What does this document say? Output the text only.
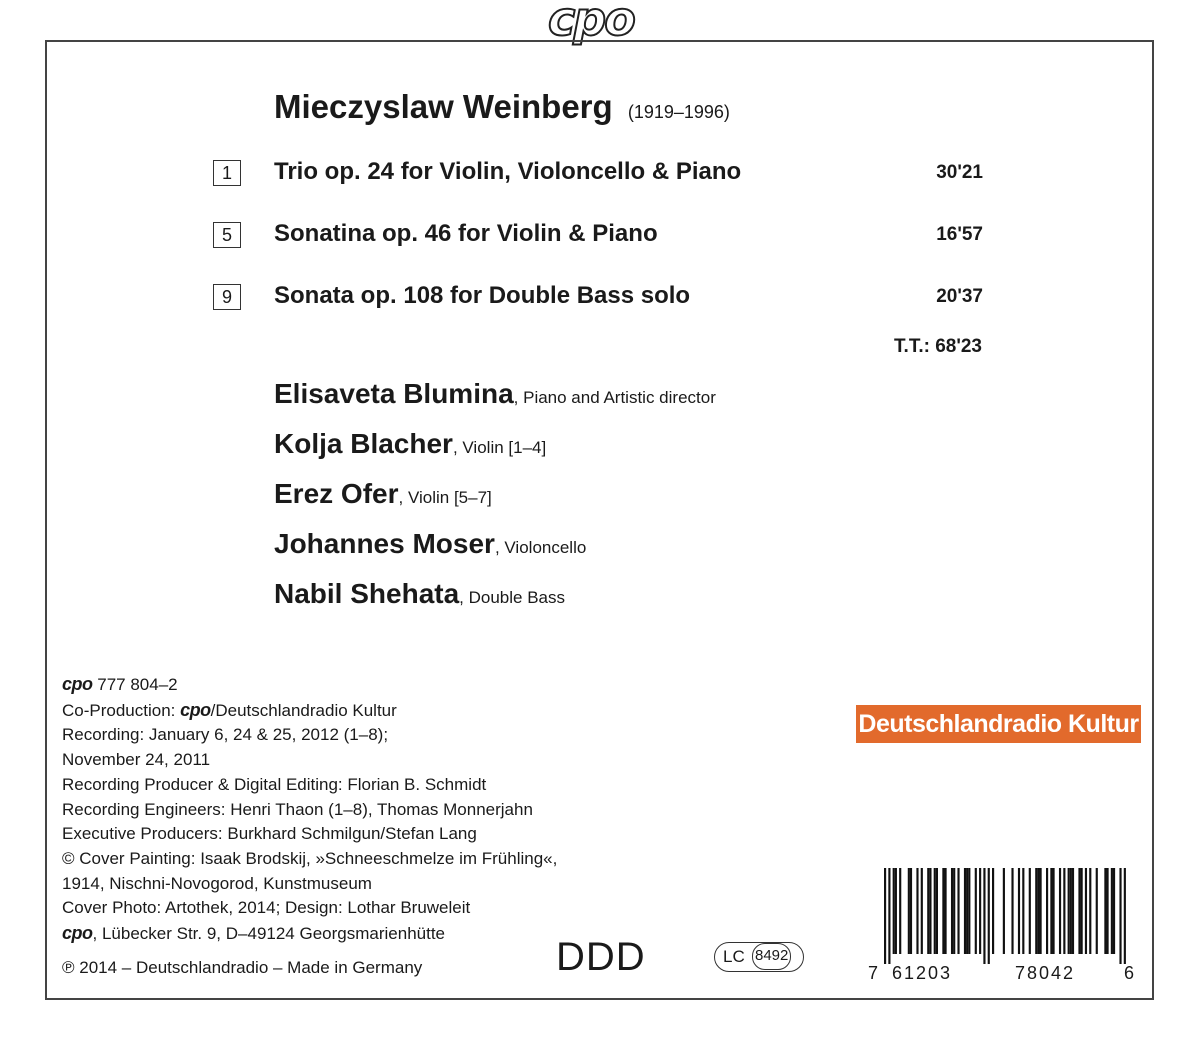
cpo
Mieczyslaw Weinberg (1919–1996)
1	Trio op. 24 for Violin, Violoncello & Piano	30'21
5	Sonatina op. 46 for Violin & Piano	16'57
9	Sonata op. 108 for Double Bass solo	20'37
T.T.: 68'23
Elisaveta Blumina, Piano and Artistic director
Kolja Blacher, Violin [1–4]
Erez Ofer, Violin [5–7]
Johannes Moser, Violoncello
Nabil Shehata, Double Bass
cpo 777 804–2
Co-Production: cpo/Deutschlandradio Kultur
Recording: January 6, 24 & 25, 2012 (1–8);
November 24, 2011
Recording Producer & Digital Editing: Florian B. Schmidt
Recording Engineers: Henri Thaon (1–8), Thomas Monnerjahn
Executive Producers: Burkhard Schmilgun/Stefan Lang
© Cover Painting: Isaak Brodskij, »Schneeschmelze im Frühling«,
1914, Nischni-Novogorod, Kunstmuseum
Cover Photo: Artothek, 2014; Design: Lothar Bruweleit
cpo, Lübecker Str. 9, D–49124 Georgsmarienhütte
℗ 2014 – Deutschlandradio – Made in Germany
Deutschlandradio Kultur
DDD	LC 8492
7 61203	78042	6
